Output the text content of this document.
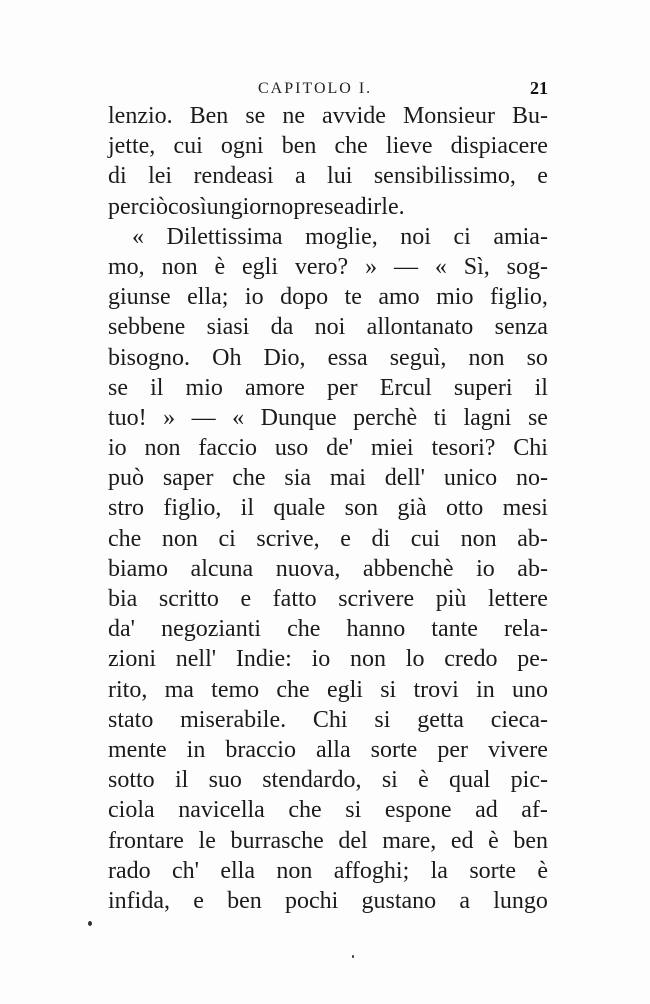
CAPITOLO I.	21
lenzio. Ben se ne avvide Monsieur Bu-
jette, cui ogni ben che lieve dispiacere
di lei rendeasi a lui sensibilissimo, e
perciò così un giorno prese a dirle.
« Dilettissima moglie, noi ci amia-
mo, non è egli vero? » — « Sì, sog-
giunse ella; io dopo te amo mio figlio,
sebbene siasi da noi allontanato senza
bisogno. Oh Dio, essa seguì, non so
se il mio amore per Ercul superi il
tuo! » — « Dunque perchè ti lagni se
io non faccio uso de' miei tesori? Chi
può saper che sia mai dell' unico no-
stro figlio, il quale son già otto mesi
che non ci scrive, e di cui non ab-
biamo alcuna nuova, abbenchè io ab-
bia scritto e fatto scrivere più lettere
da' negozianti che hanno tante rela-
zioni nell' Indie: io non lo credo pe-
rito, ma temo che egli si trovi in uno
stato miserabile. Chi si getta cieca-
mente in braccio alla sorte per vivere
sotto il suo stendardo, si è qual pic-
ciola navicella che si espone ad af-
frontare le burrasche del mare, ed è ben
rado ch' ella non affoghi; la sorte è
infida, e ben pochi gustano a lungo
